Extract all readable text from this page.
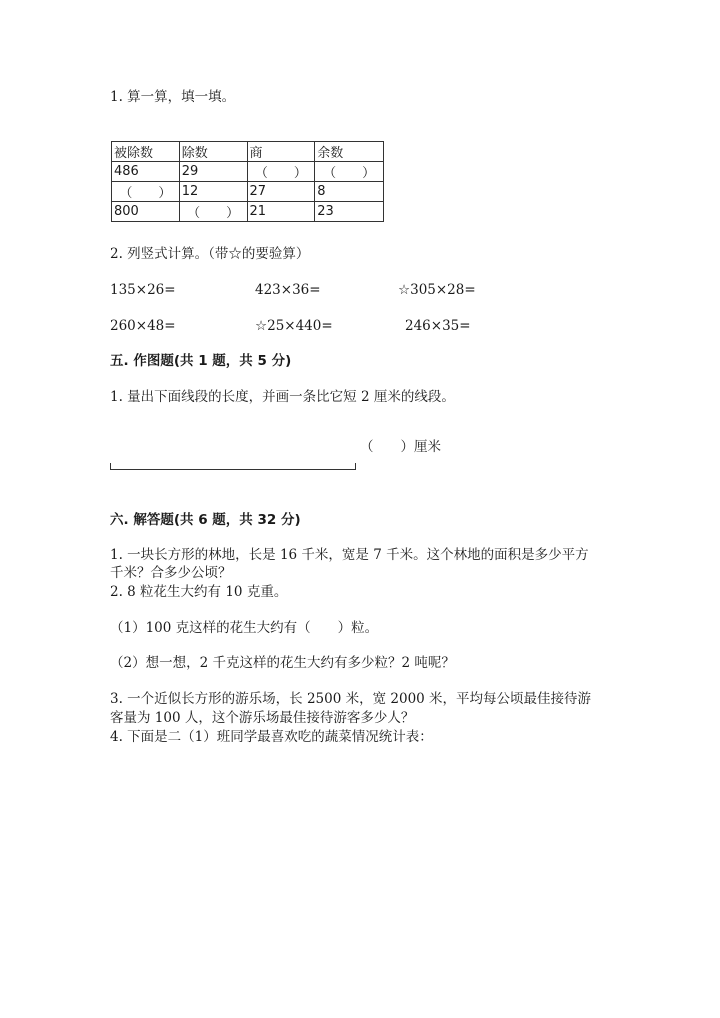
1. 算一算，填一填。
被除数	除数	商	余数
486	29	（　　）	（　　）
（　　）	12	27	8
800	（　　）	21	23
2. 列竖式计算。（带☆的要验算）
135×26=	423×36=	☆305×28=
260×48=	☆25×440=	246×35=
五. 作图题(共 1 题，共 5 分)
1. 量出下面线段的长度，并画一条比它短 2 厘米的线段。
（　　）厘米
六. 解答题(共 6 题，共 32 分)
1. 一块长方形的林地，长是 16 千米，宽是 7 千米。这个林地的面积是多少平方
千米？合多少公顷？
2. 8 粒花生大约有 10 克重。
（1）100 克这样的花生大约有（　　）粒。
（2）想一想，2 千克这样的花生大约有多少粒？2 吨呢？
3. 一个近似长方形的游乐场，长 2500 米，宽 2000 米，平均每公顷最佳接待游
客量为 100 人，这个游乐场最佳接待游客多少人？
4. 下面是二（1）班同学最喜欢吃的蔬菜情况统计表：
